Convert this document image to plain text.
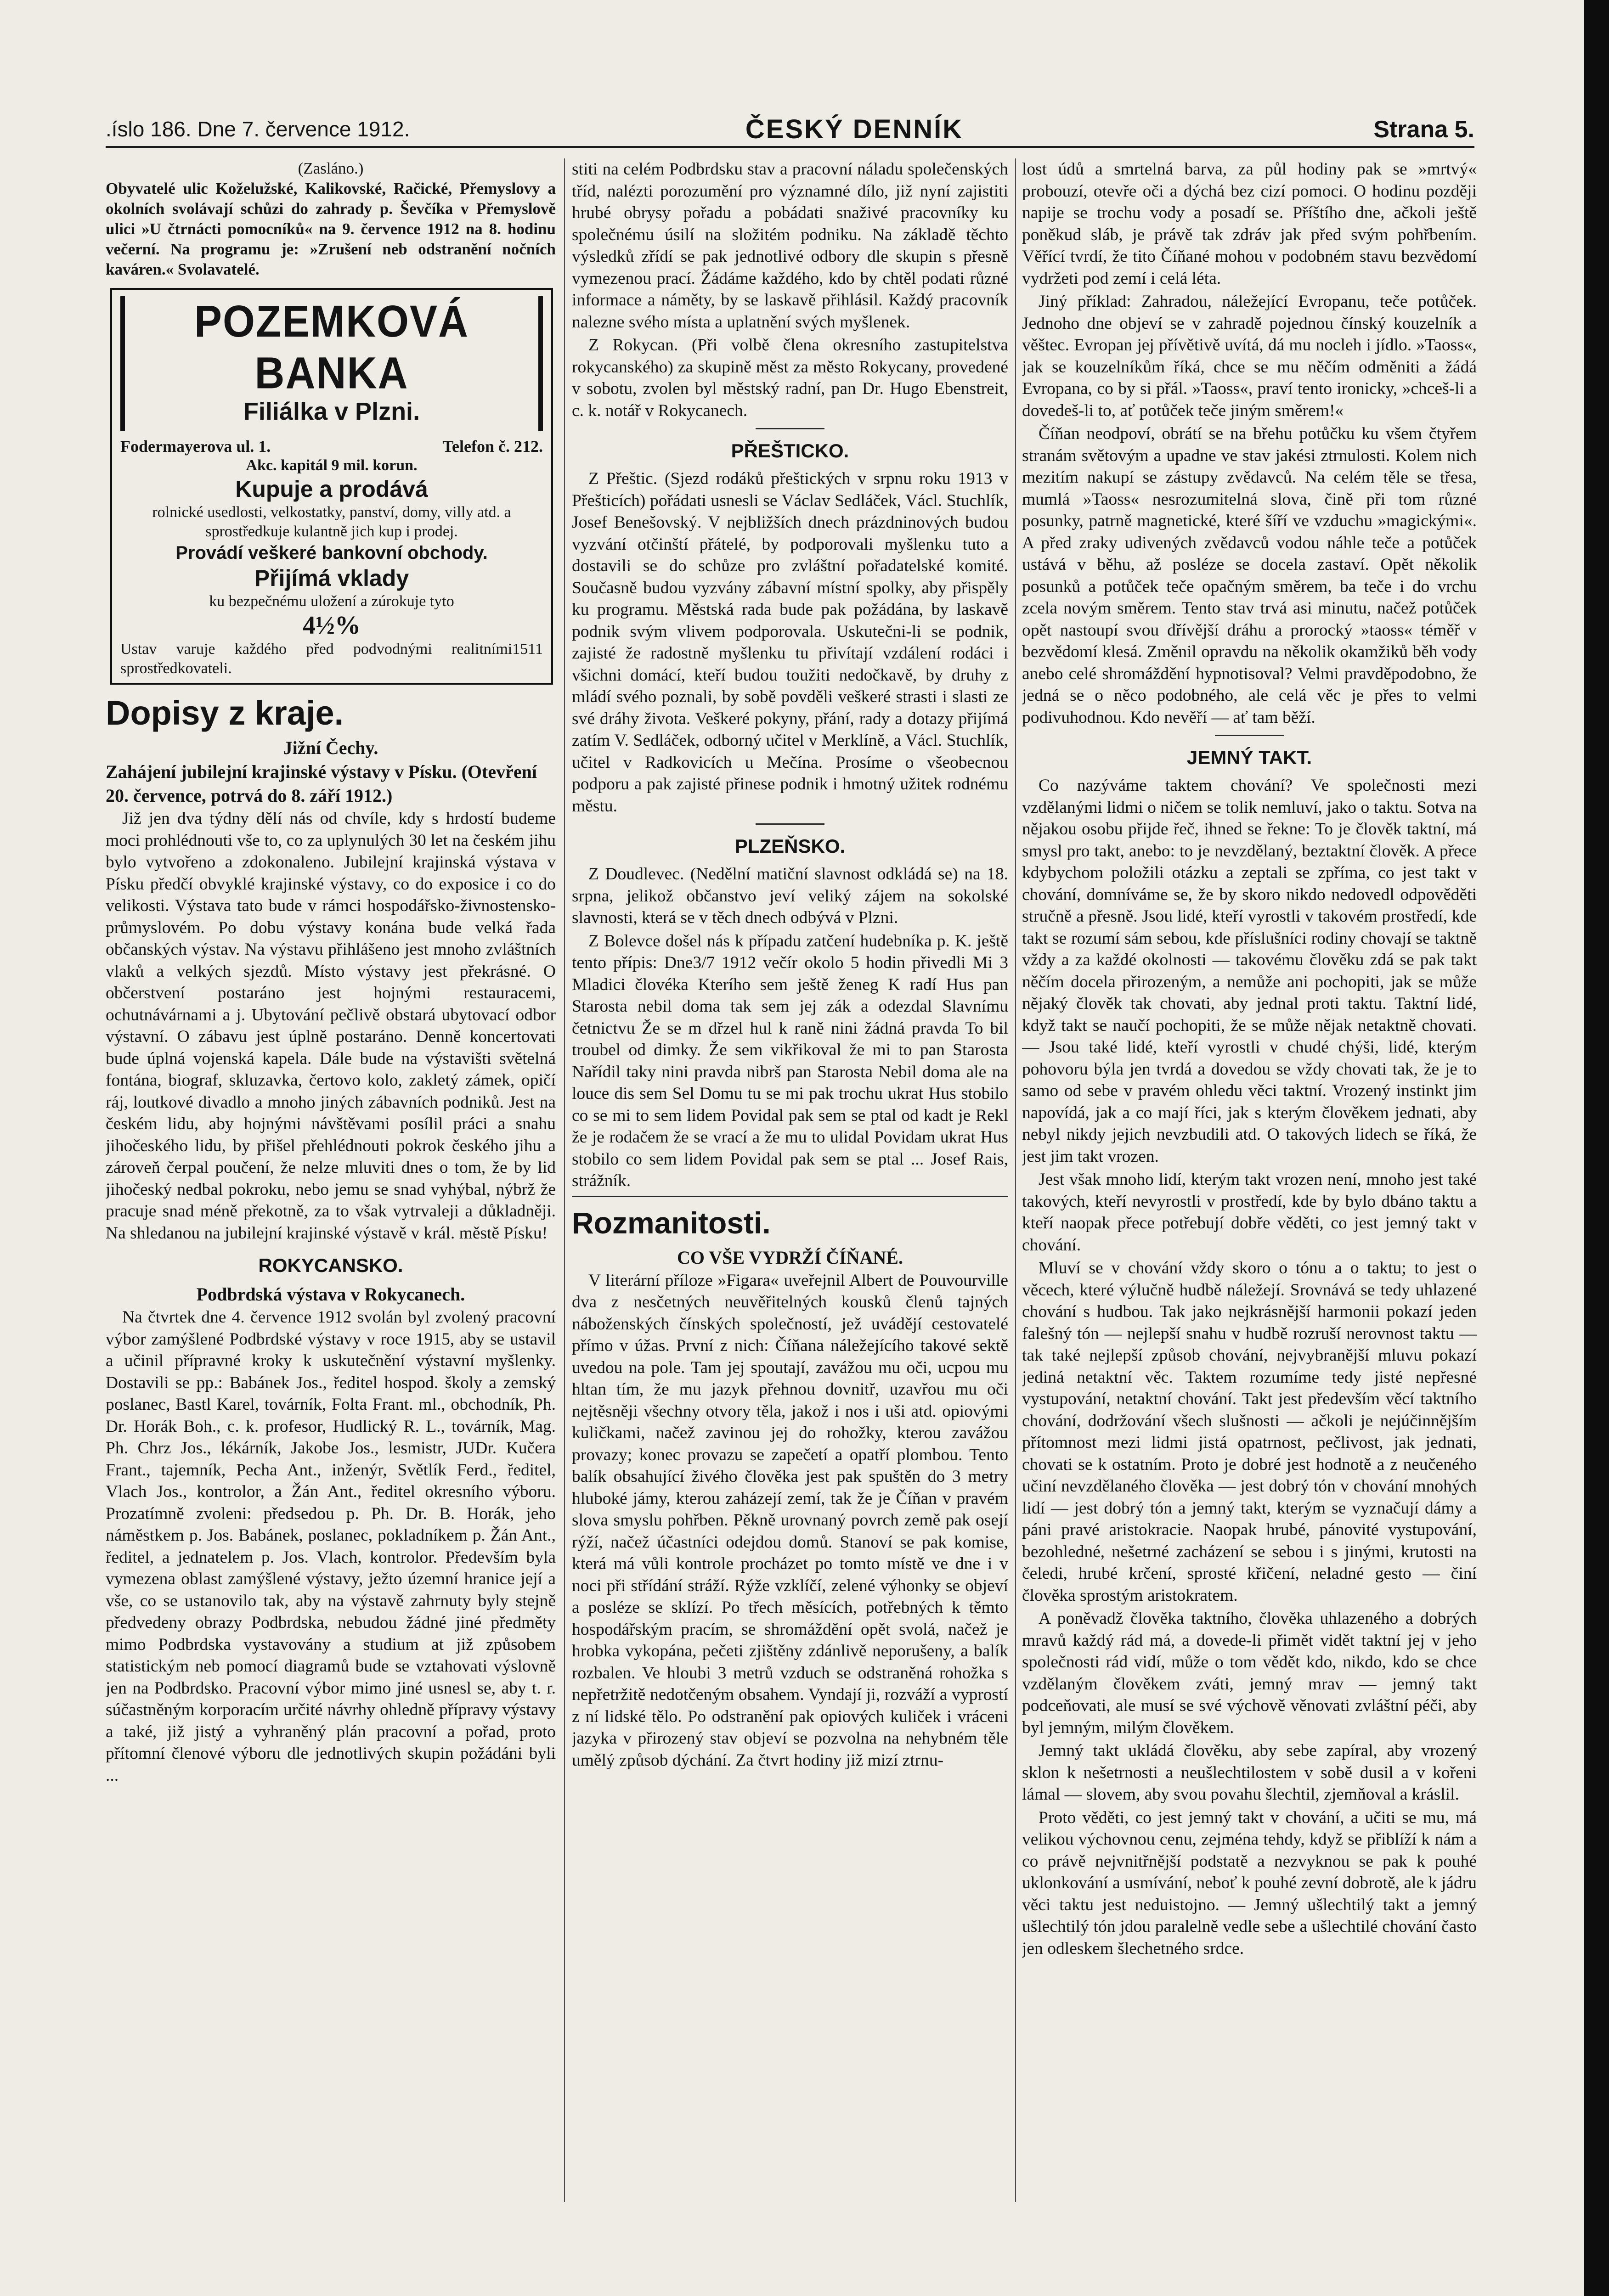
.íslo 186. Dne 7. července 1912.	ČESKÝ DENNÍK	Strana 5.
(Zasláno.)

Obyvatelé ulic Koželužské, Kalikovské, Račické, Přemyslovy a okolních svolávají schůzi do zahrady p. Ševčíka v Přemyslově ulici »U čtrnácti pomocníků« na 9. července 1912 na 8. hodinu večerní. Na programu je: »Zrušení neb odstranění nočních kaváren.« Svolavatelé.

POZEMKOVÁ BANKA
Filiálka v Plzni.
Fodermayerova ul. 1.	Telefon č. 212.
Akc. kapitál 9 mil. korun.
Kupuje a prodává
rolnické usedlosti, velkostatky, panství, domy, villy atd. a sprostředkuje kulantně jich kup i prodej.
Provádí veškeré bankovní obchody.
Přijímá vklady
ku bezpečnému uložení a zúrokuje tyto
4½%
Ustav varuje každého před podvodnými realitními sprostředkovateli.
1511
Dopisy z kraje.
Jižní Čechy.
Zahájení jubilejní krajinské výstavy v Písku. (Otevření 20. července, potrvá do 8. září 1912.)

Již jen dva týdny dělí nás od chvíle, kdy s hrdostí budeme moci prohlédnouti vše to, co za uplynulých 30 let na českém jihu bylo vytvořeno a zdokonaleno. Jubilejní krajinská výstava v Písku předčí obvyklé krajinské výstavy, co do exposice i co do velikosti. Výstava tato bude v rámci hospodářsko-živnostensko-průmyslovém. Po dobu výstavy konána bude velká řada občanských výstav. Na výstavu přihlášeno jest mnoho zvláštních vlaků a velkých sjezdů. Místo výstavy jest překrásné. O občerstvení postaráno jest hojnými restauracemi, ochutnávárnami a j. Ubytování pečlivě obstará ubytovací odbor výstavní. O zábavu jest úplně postaráno. Denně koncertovati bude úplná vojenská kapela. Dále bude na výstavišti světelná fontána, biograf, skluzavka, čertovo kolo, zakletý zámek, opičí ráj, loutkové divadlo a mnoho jiných zábavních podniků. Jest na českém lidu, aby hojnými návštěvami posílil práci a snahu jihočeského lidu, by přišel přehlédnouti pokrok českého jihu a zároveň čerpal poučení, že nelze mluviti dnes o tom, že by lid jihočeský nedbal pokroku, nebo jemu se snad vyhýbal, nýbrž že pracuje snad méně překotně, za to však vytrvaleji a důkladněji. Na shledanou na jubilejní krajinské výstavě v král. městě Písku!

ROKYCANSKO.
Podbrdská výstava v Rokycanech.

Na čtvrtek dne 4. července 1912 svolán byl zvolený pracovní výbor zamýšlené Podbrdské výstavy v roce 1915, aby se ustavil a učinil přípravné kroky k uskutečnění výstavní myšlenky. Dostavili se pp.: Babánek Jos., ředitel hospod. školy a zemský poslanec, Bastl Karel, továrník, Folta Frant. ml., obchodník, Ph. Dr. Horák Boh., c. k. profesor, Hudlický R. L., továrník, Mag. Ph. Chrz Jos., lékárník, Jakobe Jos., lesmistr, JUDr. Kučera Frant., tajemník, Pecha Ant., inženýr, Světlík Ferd., ředitel, Vlach Jos., kontrolor, a Žán Ant., ředitel okresního výboru. Prozatímně zvoleni: předsedou p. Ph. Dr. B. Horák, jeho náměstkem p. Jos. Babánek, poslanec, pokladníkem p. Žán Ant., ředitel, a jednatelem p. Jos. Vlach, kontrolor. Především byla vymezena oblast zamýšlené výstavy, ježto územní hranice její a vše, co se ustanovilo tak, aby na výstavě zahrnuty byly stejně předvedeny obrazy Podbrdska, nebudou žádné jiné předměty mimo Podbrdska vystavovány a studium at již způsobem statistickým neb pomocí diagramů bude se vztahovati výslovně jen na Podbrdsko. Pracovní výbor mimo jiné usnesl se, aby t. r. súčastněným korporacím určité návrhy ohledně přípravy výstavy a také, již jistý a vyhraněný plán pracovní a pořad, proto přítomní členové výboru dle jednotlivých skupin požádáni byli ...

stiti na celém Podbrdsku stav a pracovní náladu společenských tříd, nalézti porozumění pro významné dílo, již nyní zajistiti hrubé obrysy pořadu a pobádati snaživé pracovníky ku společnému úsilí na složitém podniku. Na základě těchto výsledků zřídí se pak jednotlivé odbory dle skupin s přesně vymezenou prací. Žádáme každého, kdo by chtěl podati různé informace a náměty, by se laskavě přihlásil. Každý pracovník nalezne svého místa a uplatnění svých myšlenek.

Z Rokycan. (Při volbě člena okresního zastupitelstva rokycanského) za skupině měst za město Rokycany, provedené v sobotu, zvolen byl městský radní, pan Dr. Hugo Ebenstreit, c. k. notář v Rokycanech.

PŘEŠTICKO.

Z Přeštic. (Sjezd rodáků přeštických v srpnu roku 1913 v Přešticích) pořádati usnesli se Václav Sedláček, Václ. Stuchlík, Josef Benešovský. V nejbližších dnech prázdninových budou vyzvání otčinští přátelé, by podporovali myšlenku tuto a dostavili se do schůze pro zvláštní pořadatelské komité. Současně budou vyzvány zábavní místní spolky, aby přispěly ku programu. Městská rada bude pak požádána, by laskavě podnik svým vlivem podporovala. Uskutečni-li se podnik, zajisté že radostně myšlenku tu přivítají vzdálení rodáci i všichni domácí, kteří budou toužiti nedočkavě, by druhy z mládí svého poznali, by sobě povděli veškeré strasti i slasti ze své dráhy života. Veškeré pokyny, přání, rady a dotazy přijímá zatím V. Sedláček, odborný učitel v Merklíně, a Václ. Stuchlík, učitel v Radkovicích u Mečína. Prosíme o všeobecnou podporu a pak zajisté přinese podnik i hmotný užitek rodnému městu.

PLZEŇSKO.

Z Doudlevec. (Nedělní matiční slavnost odkládá se) na 18. srpna, jelikož občanstvo jeví veliký zájem na sokolské slavnosti, která se v těch dnech odbývá v Plzni.

Z Bolevce došel nás k případu zatčení hudebníka p. K. ještě tento přípis: Dne3/7 1912 večír okolo 5 hodin přivedli Mi 3 Mladici človéka Kterího sem ještě ženeg K radí Hus pan Starosta nebil doma tak sem jej zák a odezdal Slavnímu četnictvu Že se m dřzel hul k raně nini žádná pravda To bil troubel od dimky. Že sem vikřikoval že mi to pan Starosta Nařídil taky nini pravda nibrš pan Starosta Nebil doma ale na louce dis sem Sel Domu tu se mi pak trochu ukrat Hus stobilo co se mi to sem lidem Povidal pak sem se ptal od kadt je Rekl že je rodačem že se vrací a že mu to ulidal Povidam ukrat Hus stobilo co sem lidem Povidal pak sem se ptal ... Josef Rais, strážník.

Rozmanitosti.
CO VŠE VYDRŽÍ ČÍŇANÉ.

V literární příloze »Figara« uveřejnil Albert de Pouvourville dva z nesčetných neuvěřitelných kousků členů tajných náboženských čínských společností, jež uvádějí cestovatelé přímo v úžas. První z nich: Číňana náležejícího takové sektě uvedou na pole. Tam jej spoutají, zavážou mu oči, ucpou mu hltan tím, že mu jazyk přehnou dovnitř, uzavřou mu oči nejtěsněji všechny otvory těla, jakož i nos i uši atd. opiovými kuličkami, načež zavinou jej do rohožky, kterou zavážou provazy; konec provazu se zapečetí a opatří plombou. Tento balík obsahující živého člověka jest pak spuštěn do 3 metry hluboké jámy, kterou zaházejí zemí, tak že je Číňan v pravém slova smyslu pohřben. Pěkně urovnaný povrch země pak osejí rýží, načež účastníci odejdou domů. Stanoví se pak komise, která má vůli kontrole procházet po tomto místě ve dne i v noci při střídání stráží. Rýže vzklíčí, zelené výhonky se objeví a posléze se sklízí. Po třech měsících, potřebných k těmto hospodářským pracím, se shromáždění opět svolá, načež je hrobka vykopána, pečeti zjištěny zdánlivě neporušeny, a balík rozbalen. Ve hloubi 3 metrů vzduch se odstraněná rohožka s nepřetržitě nedotčeným obsahem. Vyndají ji, rozváží a vyprostí z ní lidské tělo. Po odstranění pak opiových kuliček i vráceni jazyka v přirozený stav objeví se pozvolna na nehybném těle umělý způsob dýchání. Za čtvrt hodiny již mizí ztrnu-

lost údů a smrtelná barva, za půl hodiny pak se »mrtvý« probouzí, otevře oči a dýchá bez cizí pomoci. O hodinu později napije se trochu vody a posadí se. Příštího dne, ačkoli ještě poněkud sláb, je právě tak zdráv jak před svým pohřbením. Věřící tvrdí, že tito Číňané mohou v podobném stavu bezvědomí vydržeti pod zemí i celá léta.

Jiný příklad: Zahradou, náležející Evropanu, teče potůček. Jednoho dne objeví se v zahradě pojednou čínský kouzelník a věštec. Evropan jej přívětivě uvítá, dá mu nocleh i jídlo. »Taoss«, jak se kouzelníkům říká, chce se mu něčím odměniti a žádá Evropana, co by si přál. »Taoss«, praví tento ironicky, »chceš-li a dovedeš-li to, ať potůček teče jiným směrem!«

Číňan neodpoví, obrátí se na břehu potůčku ku všem čtyřem stranám světovým a upadne ve stav jakési ztrnulosti. Kolem nich mezitím nakupí se zástupy zvědavců. Na celém těle se třesa, mumlá »Taoss« nesrozumitelná slova, čině při tom různé posunky, patrně magnetické, které šíří ve vzduchu »magickými«. A před zraky udivených zvědavců vodou náhle teče a potůček ustává v běhu, až posléze se docela zastaví. Opět několik posunků a potůček teče opačným směrem, ba teče i do vrchu zcela novým směrem. Tento stav trvá asi minutu, načež potůček opět nastoupí svou dřívější dráhu a prorocký »taoss« téměř v bezvědomí klesá. Změnil opravdu na několik okamžiků běh vody anebo celé shromáždění hypnotisoval? Velmi pravděpodobno, že jedná se o něco podobného, ale celá věc je přes to velmi podivuhodnou. Kdo nevěří — ať tam běží.

JEMNÝ TAKT.

Co nazýváme taktem chování? Ve společnosti mezi vzdělanými lidmi o ničem se tolik nemluví, jako o taktu. Sotva na nějakou osobu přijde řeč, ihned se řekne: To je člověk taktní, má smysl pro takt, anebo: to je nevzdělaný, beztaktní člověk. A přece kdybychom položili otázku a zeptali se zpříma, co jest takt v chování, domníváme se, že by skoro nikdo nedovedl odpověděti stručně a přesně. Jsou lidé, kteří vyrostli v takovém prostředí, kde takt se rozumí sám sebou, kde příslušníci rodiny chovají se taktně vždy a za každé okolnosti — takovému člověku zdá se pak takt něčím docela přirozeným, a nemůže ani pochopiti, jak se může nějaký člověk tak chovati, aby jednal proti taktu. Taktní lidé, když takt se naučí pochopiti, že se může nějak netaktně chovati. — Jsou také lidé, kteří vyrostli v chudé chýši, lidé, kterým pohovoru býla jen tvrdá a dovedou se vždy chovati tak, že je to samo od sebe v pravém ohledu věci taktní. Vrozený instinkt jim napovídá, jak a co mají říci, jak s kterým člověkem jednati, aby nebyl nikdy jejich nevzbudili atd. O takových lidech se říká, že jest jim takt vrozen.

Jest však mnoho lidí, kterým takt vrozen není, mnoho jest také takových, kteří nevyrostli v prostředí, kde by bylo dbáno taktu a kteří naopak přece potřebují dobře věděti, co jest jemný takt v chování.

Mluví se v chování vždy skoro o tónu a o taktu; to jest o věcech, které výlučně hudbě náležejí. Srovnává se tedy uhlazené chování s hudbou. Tak jako nejkrásnější harmonii pokazí jeden falešný tón — nejlepší snahu v hudbě rozruší nerovnost taktu — tak také nejlepší způsob chování, nejvybranější mluvu pokazí jediná netaktní věc. Taktem rozumíme tedy jisté nepřesné vystupování, netaktní chování. Takt jest především věcí taktního chování, dodržování všech slušnosti — ačkoli je nejúčinnějším přítomnost mezi lidmi jistá opatrnost, pečlivost, jak jednati, chovati se k ostatním. Proto je dobré jest hodnotě a z neučeného učiní nevzdělaného člověka — jest dobrý tón v chování mnohých lidí — jest dobrý tón a jemný takt, kterým se vyznačují dámy a páni pravé aristokracie. Naopak hrubé, pánovité vystupování, bezohledné, nešetrné zacházení se sebou i s jinými, krutosti na čeledi, hrubé krčení, sprosté křičení, neladné gesto — činí člověka sprostým aristokratem.

A poněvadž člověka taktního, člověka uhlazeného a dobrých mravů každý rád má, a dovede-li přimět vidět taktní jej v jeho společnosti rád vidí, může o tom vědět kdo, nikdo, kdo se chce vzdělaným člověkem zváti, jemný mrav — jemný takt podceňovati, ale musí se své výchově věnovati zvláštní péči, aby byl jemným, milým člověkem.

Jemný takt ukládá člověku, aby sebe zapíral, aby vrozený sklon k nešetrnosti a neušlechtilostem v sobě dusil a v kořeni lámal — slovem, aby svou povahu šlechtil, zjemňoval a kráslil.

Proto věděti, co jest jemný takt v chování, a učiti se mu, má velikou výchovnou cenu, zejména tehdy, když se přiblíží k nám a co právě nejvnitřnější podstatě a nezvyknou se pak k pouhé uklonkování a usmívání, neboť k pouhé zevní dobrotě, ale k jádru věci taktu jest neduistojno. — Jemný ušlechtilý takt a jemný ušlechtilý tón jdou paralelně vedle sebe a ušlechtilé chování často jen odleskem šlechetného srdce.
